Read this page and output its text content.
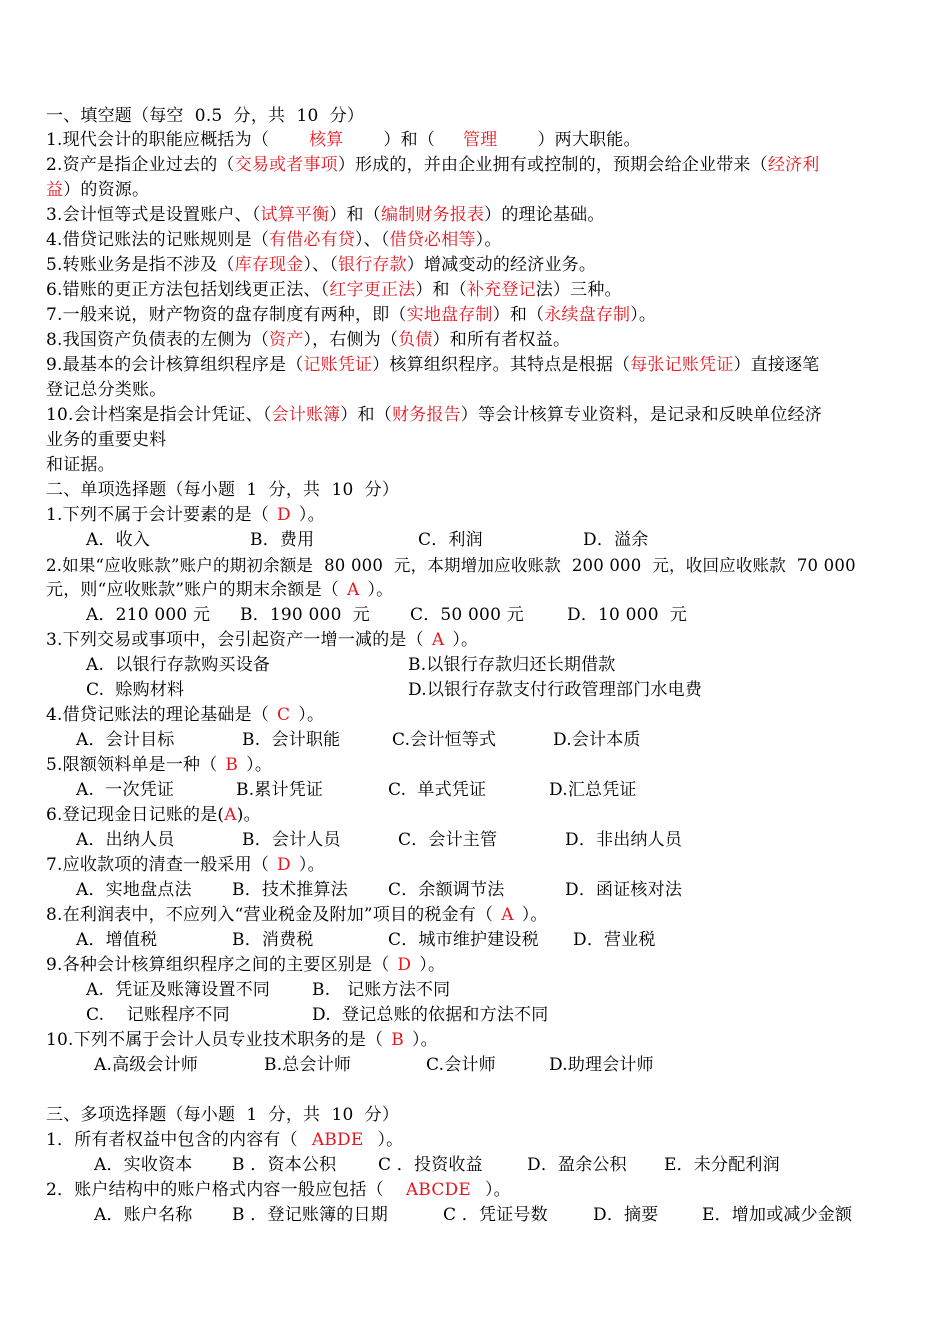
一、填空题（每空  0.5  分，共  10  分）
1.现代会计的职能应概括为（ 核算 ）和（ 管理 ）两大职能。
2.资产是指企业过去的（交易或者事项）形成的，并由企业拥有或控制的，预期会给企业带来（经济利
益）的资源。
3.会计恒等式是设置账户、（试算平衡）和（编制财务报表）的理论基础。
4.借贷记账法的记账规则是（有借必有贷）、（借贷必相等）。
5.转账业务是指不涉及（库存现金）、（银行存款）增减变动的经济业务。
6.错账的更正方法包括划线更正法、（红字更正法）和（补充登记法）三种。
7.一般来说，财产物资的盘存制度有两种，即（实地盘存制）和（永续盘存制）。
8.我国资产负债表的左侧为（资产），右侧为（负债）和所有者权益。
9.最基本的会计核算组织程序是（记账凭证）核算组织程序。其特点是根据（每张记账凭证）直接逐笔
登记总分类账。
10.会计档案是指会计凭证、（会计账簿）和（财务报告）等会计核算专业资料，是记录和反映单位经济
业务的重要史料
和证据。
二、单项选择题（每小题  1  分，共  10  分）
1.下列不属于会计要素的是（ D ）。
A．收入	B．费用	C．利润	D．溢余
2.如果“应收账款”账户的期初余额是  80 000  元，本期增加应收账款  200 000  元，收回应收账款  70 000
元，则“应收账款”账户的期末余额是（ A ）。
A．210 000 元 B．190 000  元 C．50 000 元	D．10 000  元
3.下列交易或事项中，会引起资产一增一减的是（ A ）。
A.  以银行存款购买设备	B.以银行存款归还长期借款
C.  赊购材料	D.以银行存款支付行政管理部门水电费
4.借贷记账法的理论基础是（ C ）。
A．会计目标	B.  会计职能	C.会计恒等式	D.会计本质
5.限额领料单是一种（ B ）。
A.  一次凭证	B.累计凭证	C.  单式凭证	D.汇总凭证
6.登记现金日记账的是(A)。
A．出纳人员	B．会计人员	C．会计主管	D．非出纳人员
7.应收款项的清查一般采用（ D ）。
A．实地盘点法 B．技术推算法 C．余额调节法	D．函证核对法
8.在利润表中，不应列入“营业税金及附加”项目的税金有（ A ）。
A．增值税	B．消费税	C．城市维护建设税 D．营业税
9.各种会计核算组织程序之间的主要区别是（ D ）。
A.  凭证及账簿设置不同 B.   记账方法不同
C.    记账程序不同	D.  登记总账的依据和方法不同
10.下列不属于会计人员专业技术职务的是（ B ）。
A.高级会计师	B.总会计师	C.会计师	D.助理会计师
三、多项选择题（每小题  1  分，共  10  分）
1．所有者权益中包含的内容有（ ABDE ）。
A．实收资本 B ．资本公积 C ．投资收益	D．盈余公积 E．未分配利润
2．账户结构中的账户格式内容一般应包括（ ABCDE ）。
A．账户名称 B ．登记账簿的日期	C ．凭证号数	D．摘要	E．增加或减少金额
